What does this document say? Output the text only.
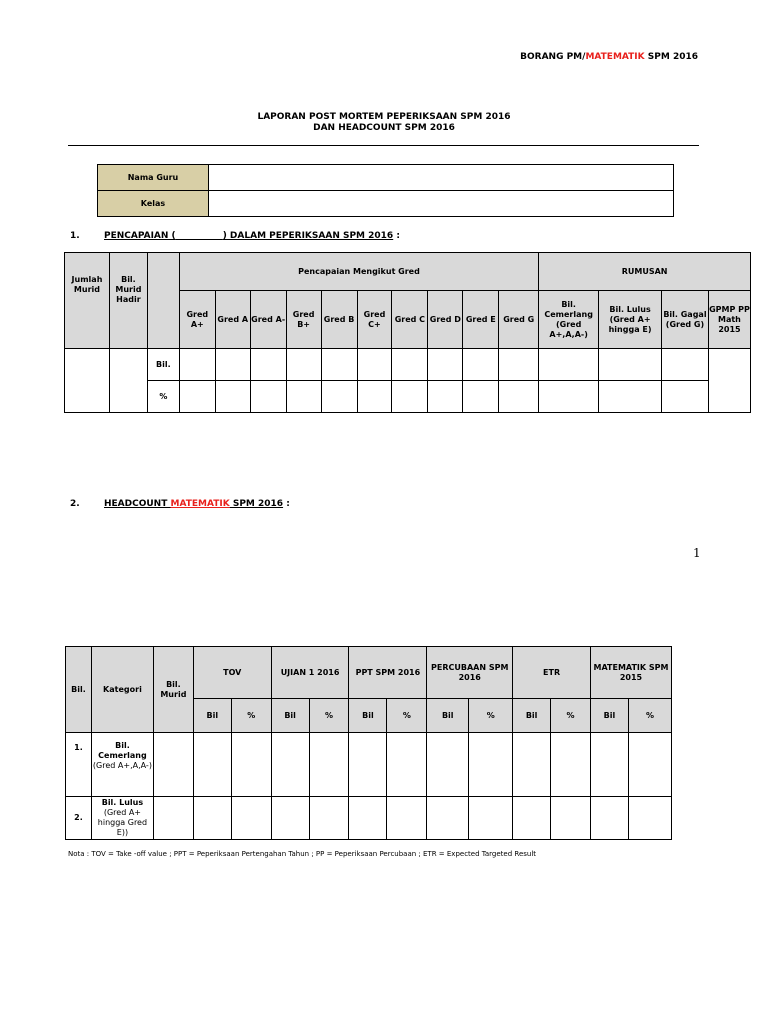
BORANG PM/MATEMATIK SPM 2016
LAPORAN POST MORTEM PEPERIKSAAN SPM 2016
DAN HEADCOUNT SPM 2016
Nama Guru	
Kelas	
1.	PENCAPAIAN (	) DALAM PEPERIKSAAN SPM 2016 :
Jumlah Murid	Bil. Murid Hadir		Pencapaian Mengikut Gred										RUMUSAN			
			Gred A+	Gred A	Gred A-	Gred B+	Gred B	Gred C+	Gred C	Gred D	Gred E	Gred G	Bil. Cemerlang (Gred A+,A,A-)	Bil. Lulus (Gred A+ hingga E)	Bil. Gagal (Gred G)	GPMP PP Math 2015
		Bil.														
		%														
2.	HEADCOUNT MATEMATIK SPM 2016 :
1
Bil.	Kategori	Bil. Murid	TOV		UJIAN 1 2016		PPT SPM 2016		PERCUBAAN SPM 2016		ETR		MATEMATIK SPM 2015	
			Bil	%	Bil	%	Bil	%	Bil	%	Bil	%	Bil	%
1.	Bil. Cemerlang
(Gred A+,A,A-)													

2.	Bil. Lulus
(Gred A+ hingga Gred E))													

Nota : TOV = Take -off value ; PPT = Peperiksaan Pertengahan Tahun ; PP = Peperiksaan Percubaan ; ETR = Expected Targeted Result
